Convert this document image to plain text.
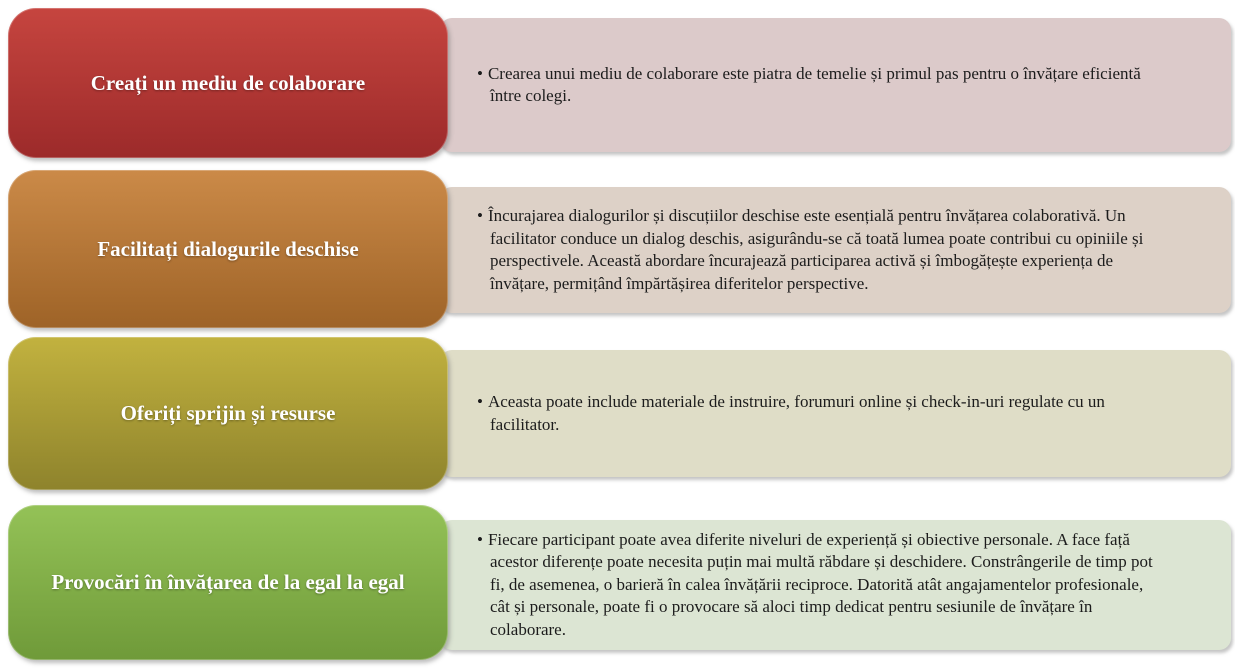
Creați un mediu de colaborare	• Crearea unui mediu de colaborare este piatra de temelie și primul pas pentru o învățare eficientă între colegi.

Facilitați dialogurile deschise

• Încurajarea dialogurilor și discuțiilor deschise este esențială pentru învățarea colaborativă. Un facilitator conduce un dialog deschis, asigurându-se că toată lumea poate contribui cu opiniile și perspectivele. Această abordare încurajează participarea activă și îmbogățește experiența de învățare, permițând împărtășirea diferitelor perspective.

Oferiți sprijin și resurse	• Aceasta poate include materiale de instruire, forumuri online și check-in-uri regulate cu un facilitator.

Provocări în învățarea de la egal la egal

• Fiecare participant poate avea diferite niveluri de experiență și obiective personale. A face față acestor diferențe poate necesita puțin mai multă răbdare și deschidere. Constrângerile de timp pot fi, de asemenea, o barieră în calea învățării reciproce. Datorită atât angajamentelor profesionale, cât și personale, poate fi o provocare să aloci timp dedicat pentru sesiunile de învățare în colaborare.
